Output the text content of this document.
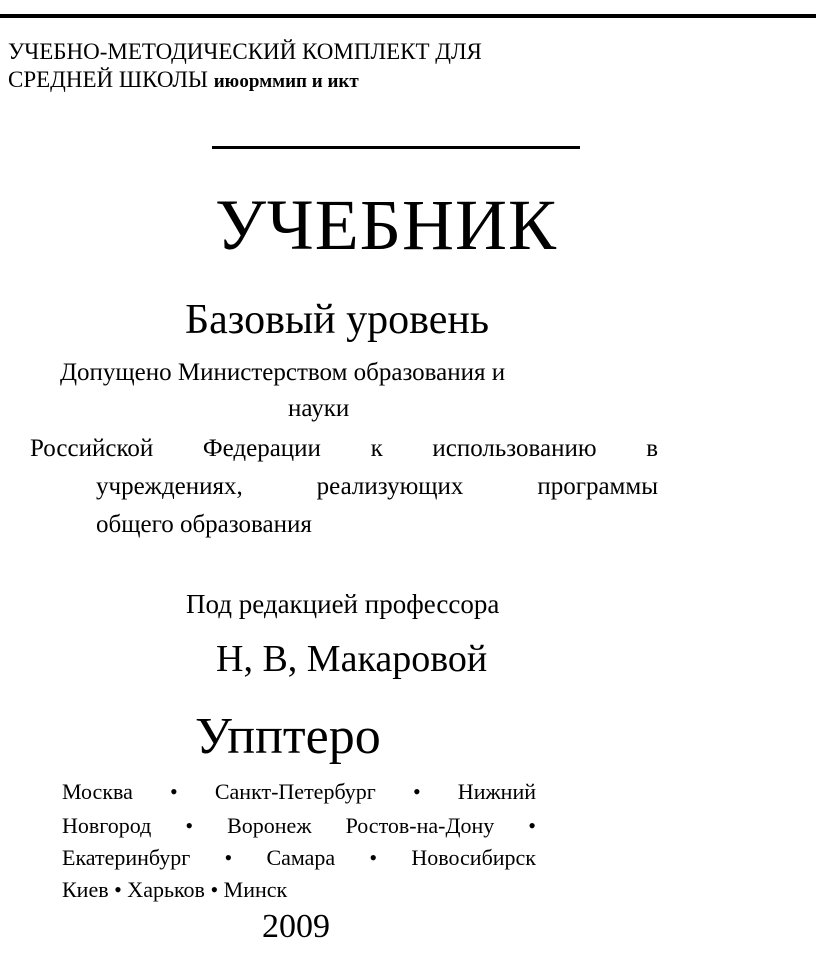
УЧЕБНО-МЕТОДИЧЕСКИЙ КОМПЛЕКТ ДЛЯ
СРЕДНЕЙ ШКОЛЫ июорммип и икт
УЧЕБНИК
Базовый уровень
Допущено Министерством образования и
науки
Российской Федерации к использованию в
учреждениях, реализующих программы
общего образования
Под редакцией профессора
Н, В, Макаровой
Упптеро
Москва • Санкт-Петербург • Нижний
Новгород • Воронеж Ростов-на-Дону •
Екатеринбург • Самара • Новосибирск
Киев • Харьков • Минск
2009
